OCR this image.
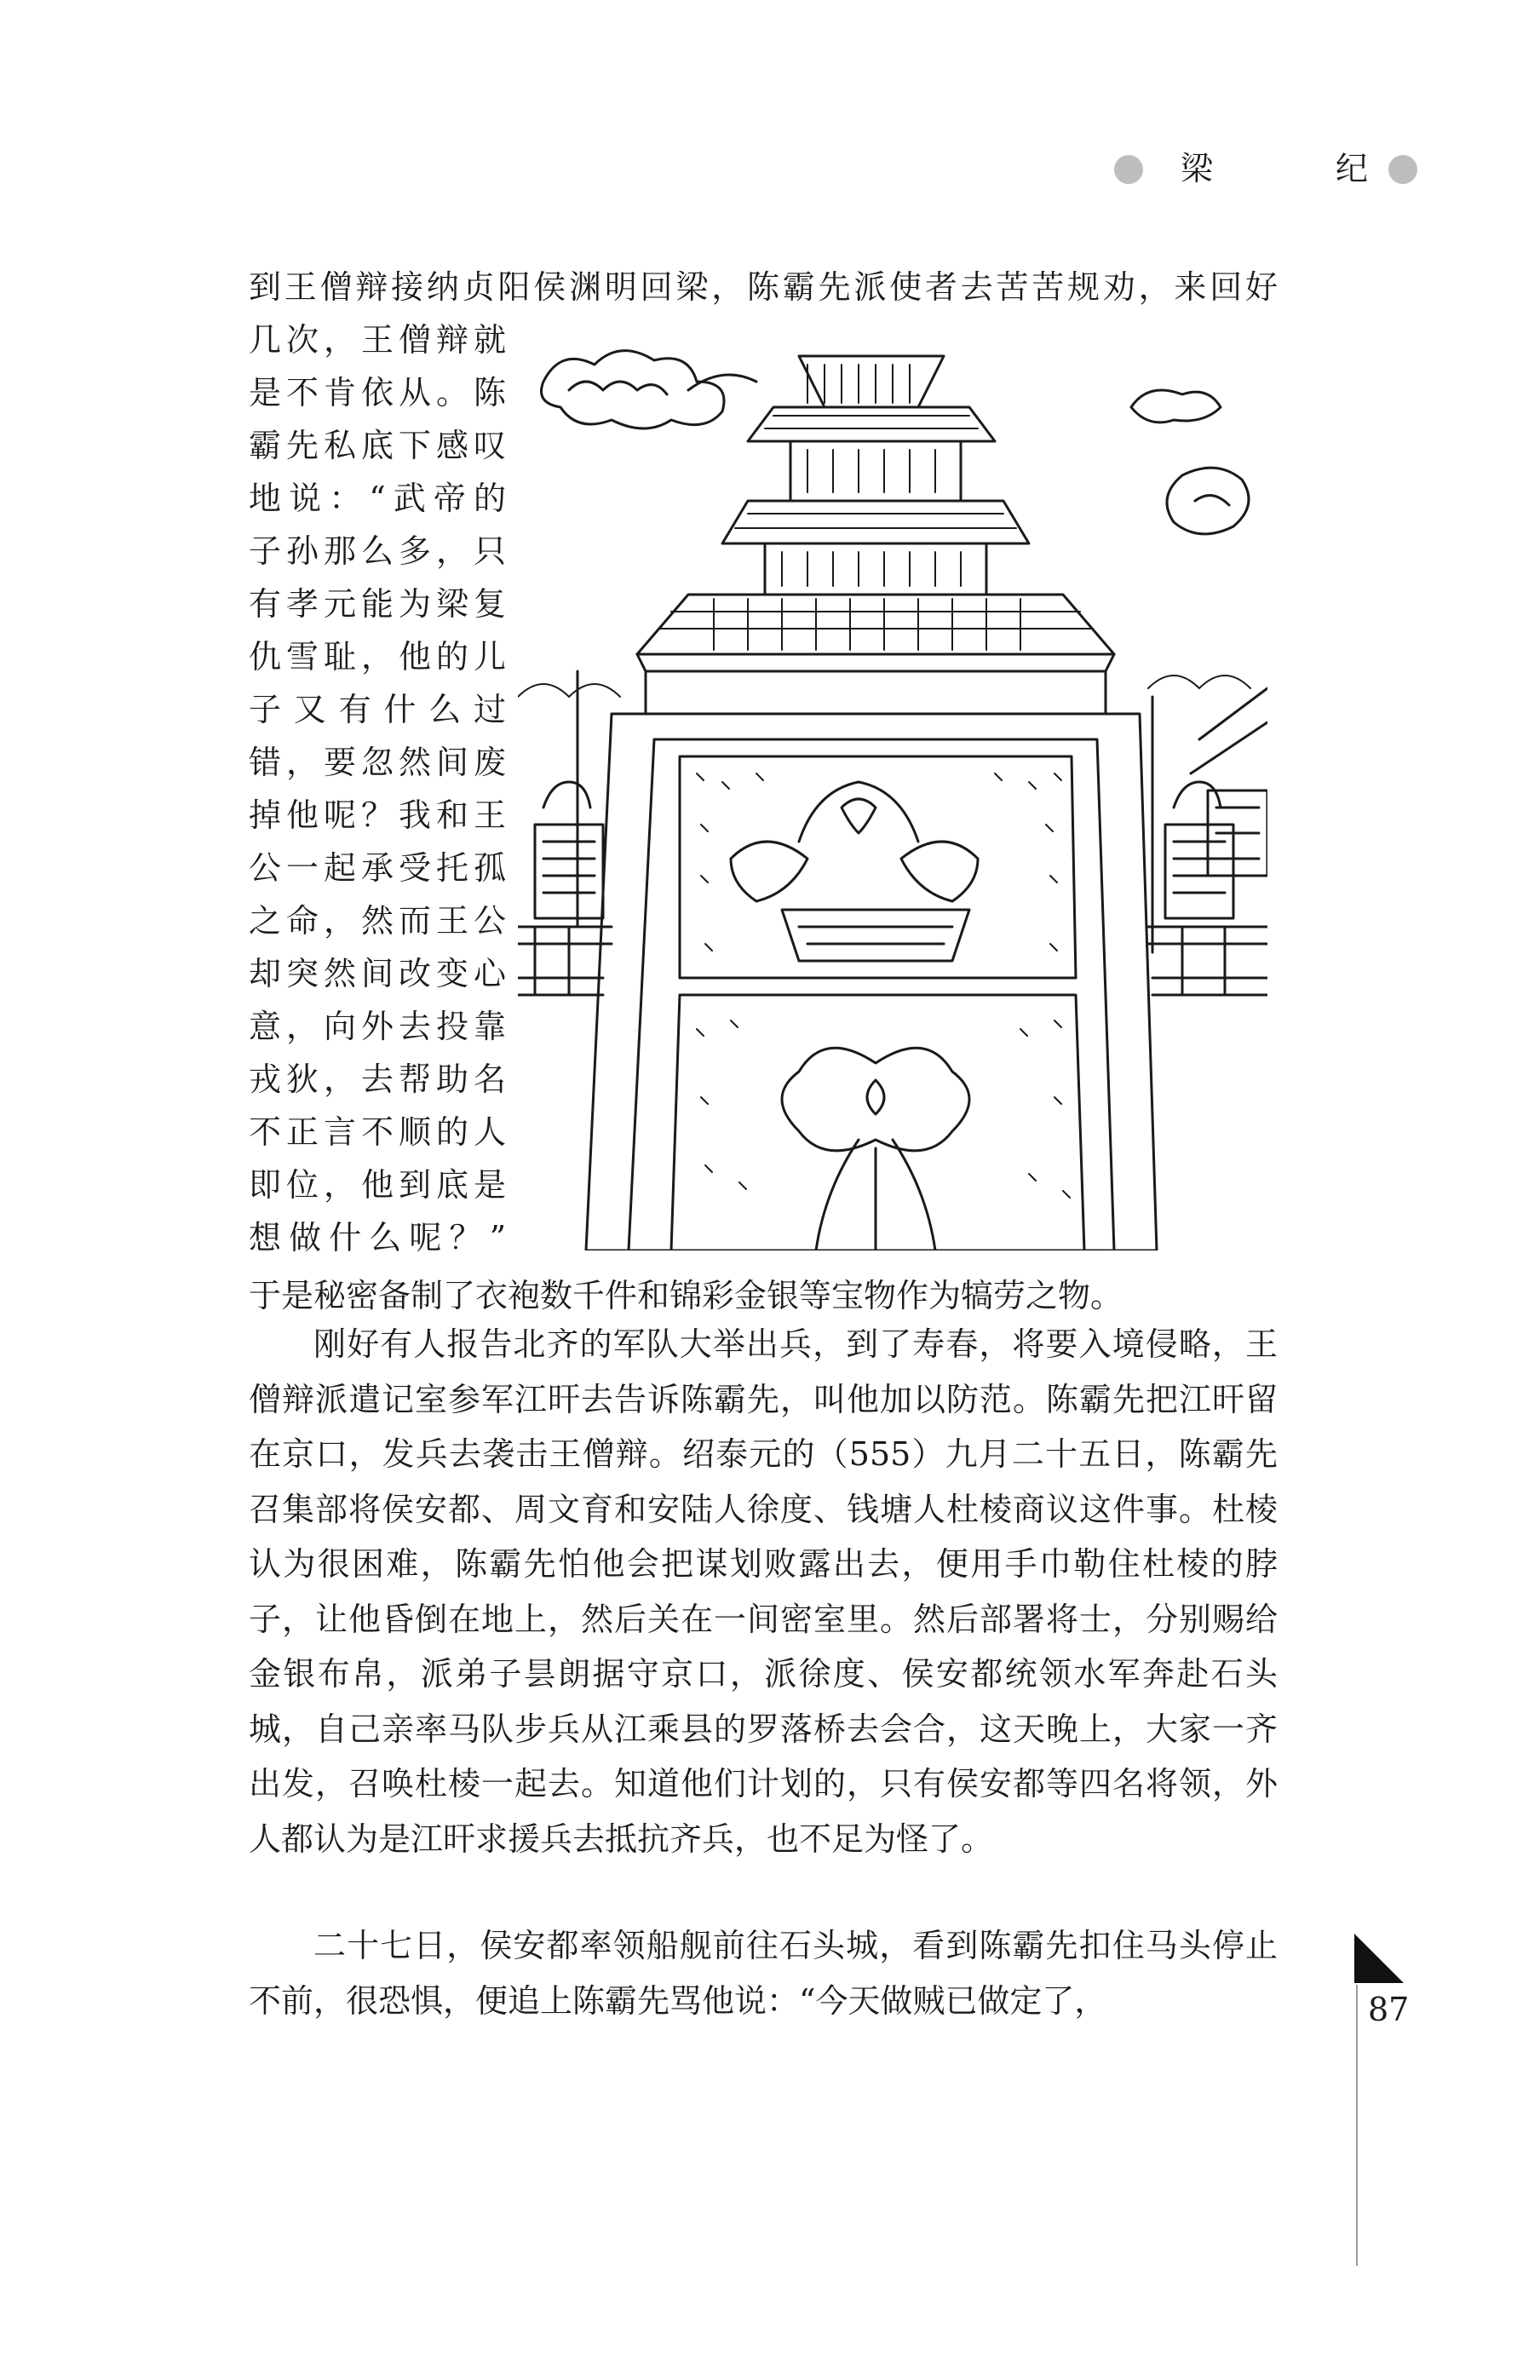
梁	纪
到王僧辩接纳贞阳侯渊明回梁，陈霸先派使者去苦苦规劝，来回好
几次，王僧辩就
是不肯依从。陈
霸先私底下感叹
地说：“武帝的
子孙那么多，只
有孝元能为梁复
仇雪耻，他的儿
子又有什么过
错，要忽然间废
掉他呢？我和王
公一起承受托孤
之命，然而王公
却突然间改变心
意，向外去投靠
戎狄，去帮助名
不正言不顺的人
即位，他到底是
想做什么呢？”
于是秘密备制了衣袍数千件和锦彩金银等宝物作为犒劳之物。

刚好有人报告北齐的军队大举出兵，到了寿春，将要入境侵略，王僧辩派遣记室参军江旰去告诉陈霸先，叫他加以防范。陈霸先把江旰留在京口，发兵去袭击王僧辩。绍泰元的（555）九月二十五日，陈霸先召集部将侯安都、周文育和安陆人徐度、钱塘人杜棱商议这件事。杜棱认为很困难，陈霸先怕他会把谋划败露出去，便用手巾勒住杜棱的脖子，让他昏倒在地上，然后关在一间密室里。然后部署将士，分别赐给金银布帛，派弟子昙朗据守京口，派徐度、侯安都统领水军奔赴石头城，自己亲率马队步兵从江乘县的罗落桥去会合，这天晚上，大家一齐出发，召唤杜棱一起去。知道他们计划的，只有侯安都等四名将领，外人都认为是江旰求援兵去抵抗齐兵，也不足为怪了。

二十七日，侯安都率领船舰前往石头城，看到陈霸先扣住马头停止不前，很恐惧，便追上陈霸先骂他说：“今天做贼已做定了，	87
